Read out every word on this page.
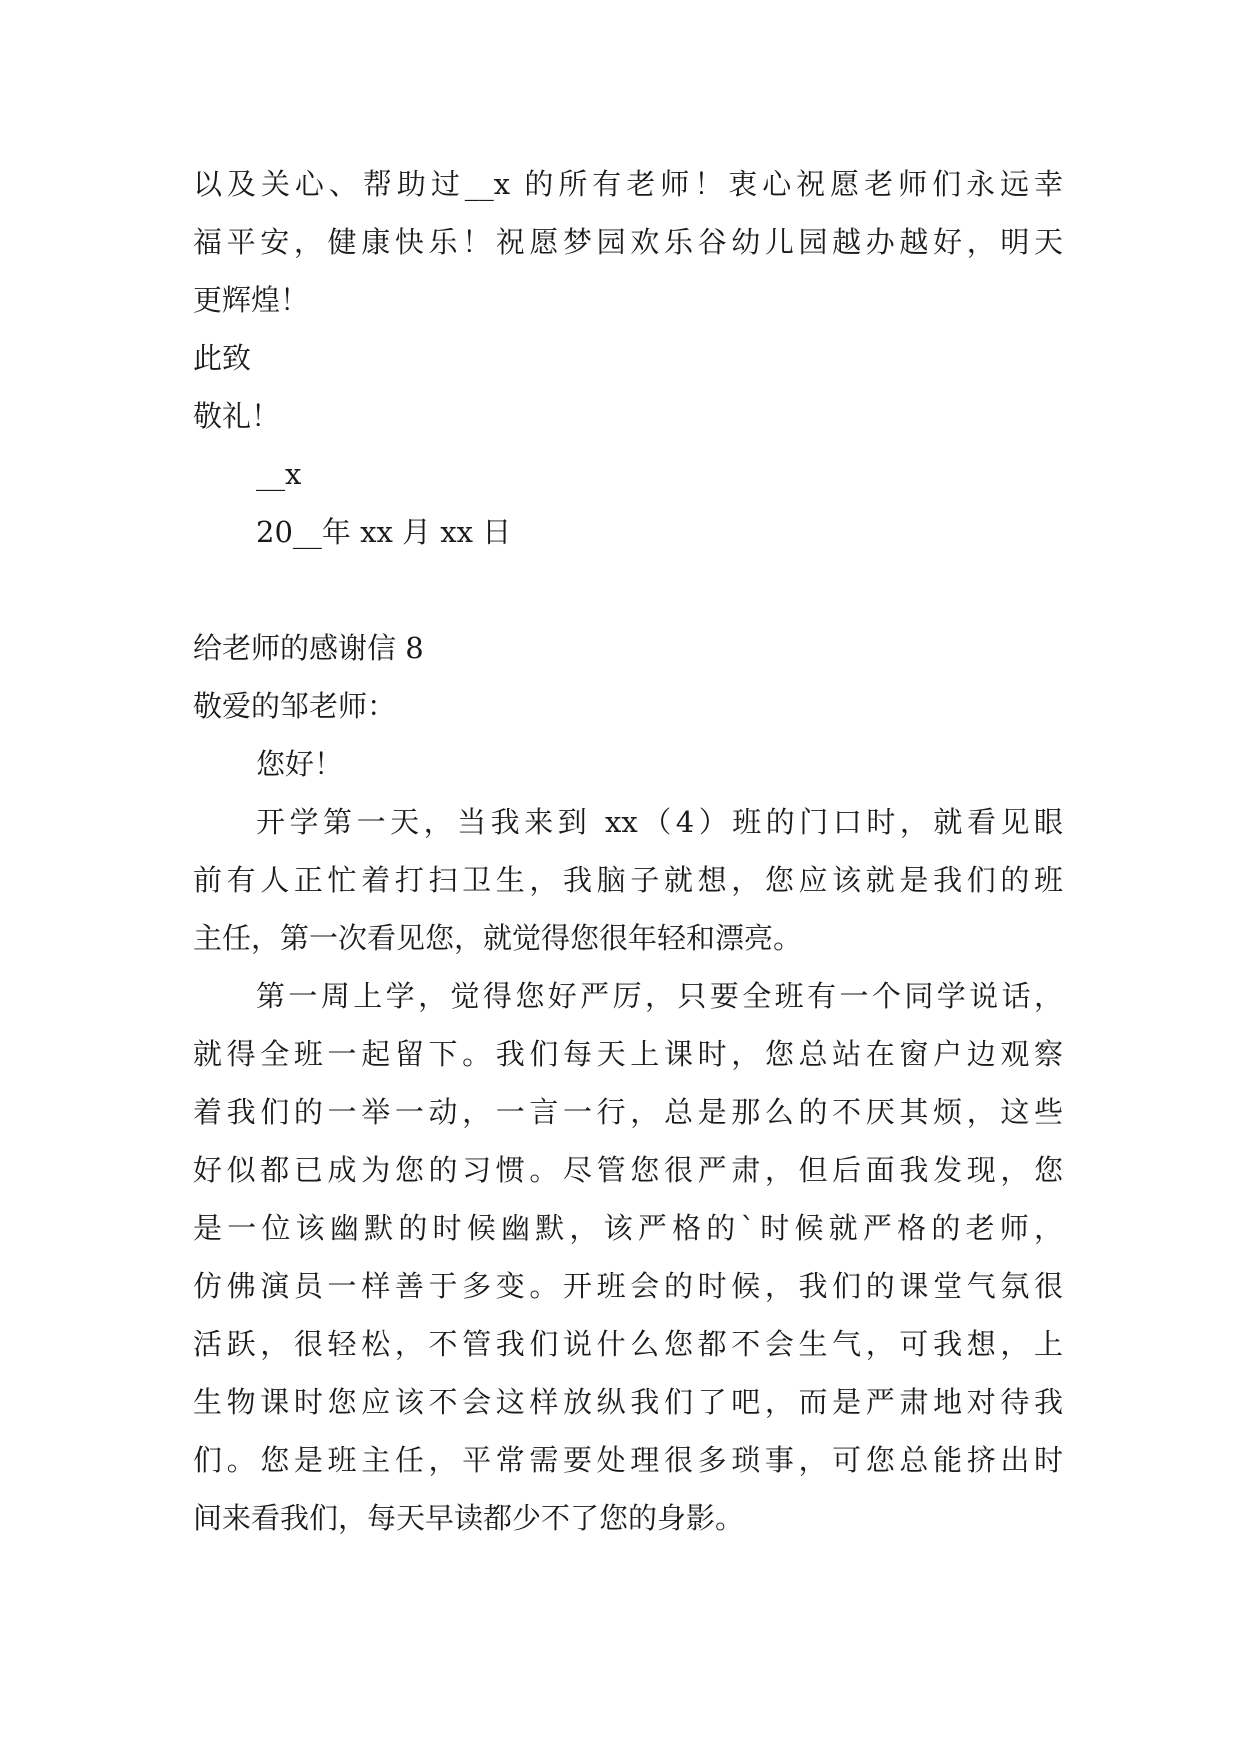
以及关心、帮助过__x 的所有老师！衷心祝愿老师们永远幸
福平安，健康快乐！祝愿梦园欢乐谷幼儿园越办越好，明天
更辉煌！
此致
敬礼！
__x
20__年 xx 月 xx 日
给老师的感谢信 8
敬爱的邹老师：
您好！
开学第一天，当我来到 xx（4）班的门口时，就看见眼
前有人正忙着打扫卫生，我脑子就想，您应该就是我们的班
主任，第一次看见您，就觉得您很年轻和漂亮。
第一周上学，觉得您好严厉，只要全班有一个同学说话，
就得全班一起留下。我们每天上课时，您总站在窗户边观察
着我们的一举一动，一言一行，总是那么的不厌其烦，这些
好似都已成为您的习惯。尽管您很严肃，但后面我发现，您
是一位该幽默的时候幽默，该严格的`时候就严格的老师，
仿佛演员一样善于多变。开班会的时候，我们的课堂气氛很
活跃，很轻松，不管我们说什么您都不会生气，可我想，上
生物课时您应该不会这样放纵我们了吧，而是严肃地对待我
们。您是班主任，平常需要处理很多琐事，可您总能挤出时
间来看我们，每天早读都少不了您的身影。
